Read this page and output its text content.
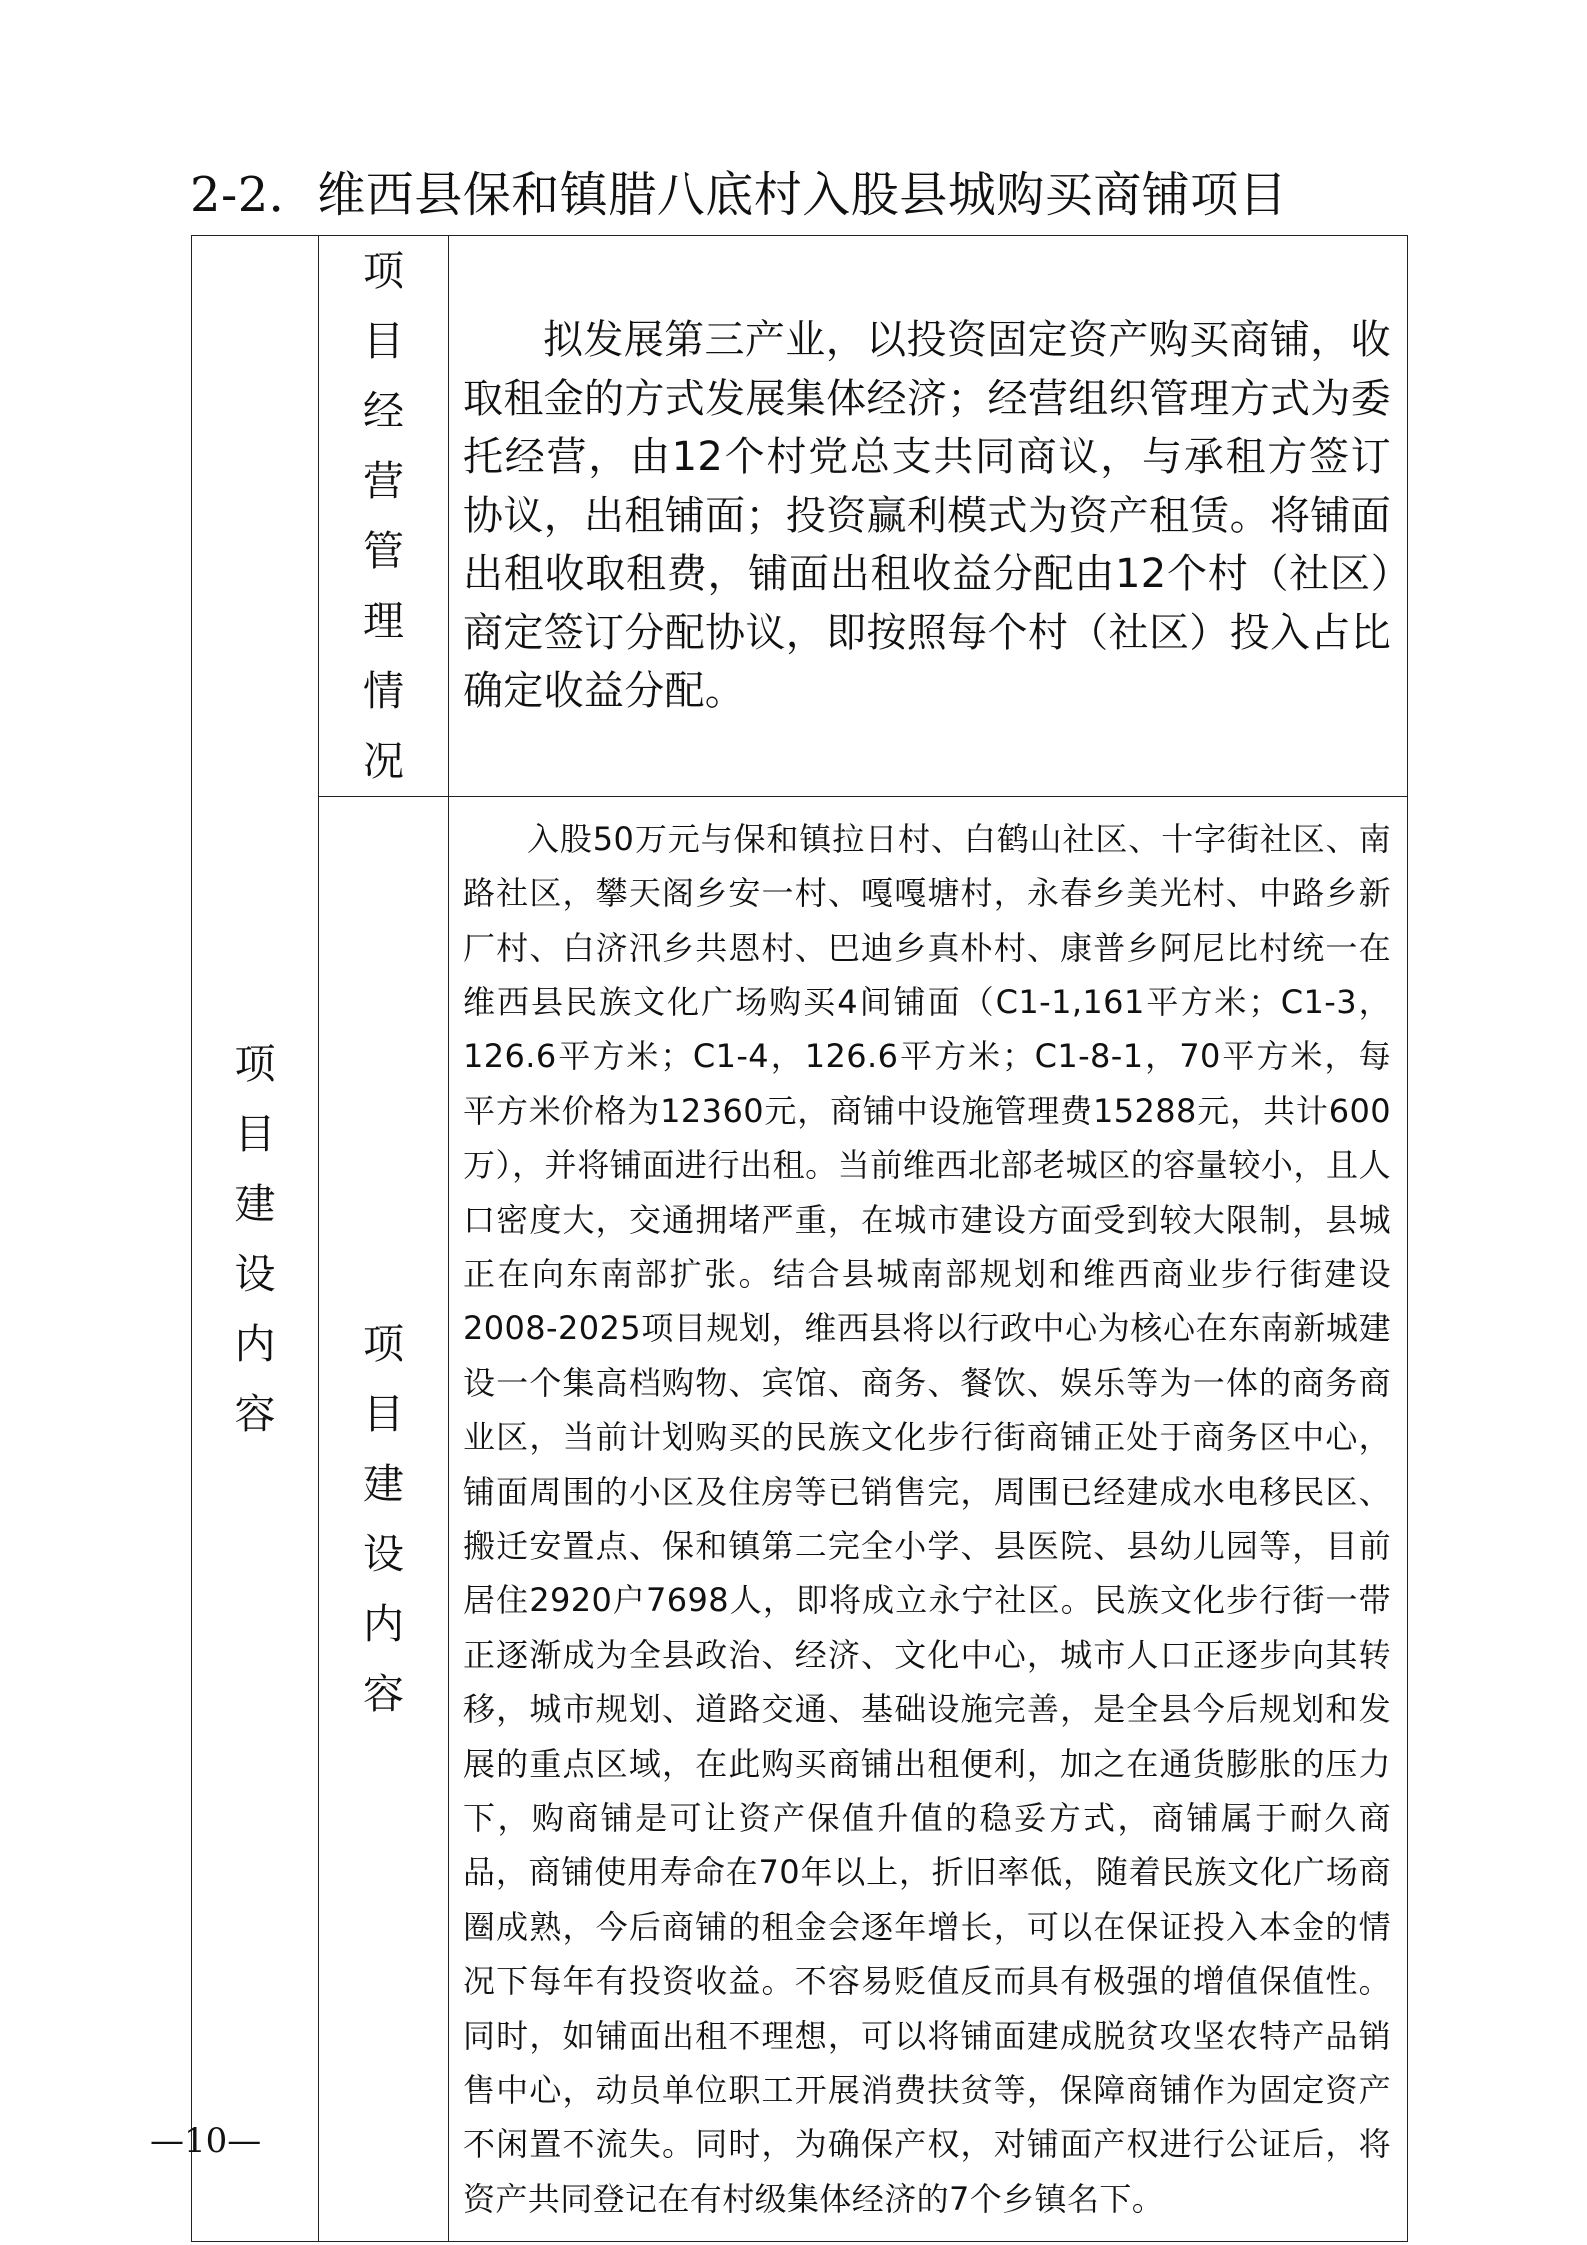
2-2．维西县保和镇腊八底村入股县城购买商铺项目
项目建设内容	项目经营管理情况	拟发展第三产业，以投资固定资产购买商铺，收取租金的方式发展集体经济；经营组织管理方式为委托经营，由12个村党总支共同商议，与承租方签订协议，出租铺面；投资赢利模式为资产租赁。将铺面出租收取租费，铺面出租收益分配由12个村（社区）商定签订分配协议，即按照每个村（社区）投入占比确定收益分配。

	项目建设内容	入股50万元与保和镇拉日村、白鹤山社区、十字街社区、南路社区，攀天阁乡安一村、嘎嘎塘村，永春乡美光村、中路乡新厂村、白济汛乡共恩村、巴迪乡真朴村、康普乡阿尼比村统一在维西县民族文化广场购买4间铺面（C1-1,161平方米；C1-3，126.6平方米；C1-4，126.6平方米；C1-8-1，70平方米，每平方米价格为12360元，商铺中设施管理费15288元，共计600万），并将铺面进行出租。当前维西北部老城区的容量较小，且人口密度大，交通拥堵严重，在城市建设方面受到较大限制，县城正在向东南部扩张。结合县城南部规划和维西商业步行街建设2008-2025项目规划，维西县将以行政中心为核心在东南新城建设一个集高档购物、宾馆、商务、餐饮、娱乐等为一体的商务商业区，当前计划购买的民族文化步行街商铺正处于商务区中心，铺面周围的小区及住房等已销售完，周围已经建成水电移民区、搬迁安置点、保和镇第二完全小学、县医院、县幼儿园等，目前居住2920户7698人，即将成立永宁社区。民族文化步行街一带正逐渐成为全县政治、经济、文化中心，城市人口正逐步向其转移，城市规划、道路交通、基础设施完善，是全县今后规划和发展的重点区域，在此购买商铺出租便利，加之在通货膨胀的压力下，购商铺是可让资产保值升值的稳妥方式，商铺属于耐久商品，商铺使用寿命在70年以上，折旧率低，随着民族文化广场商圈成熟，今后商铺的租金会逐年增长，可以在保证投入本金的情况下每年有投资收益。不容易贬值反而具有极强的增值保值性。同时，如铺面出租不理想，可以将铺面建成脱贫攻坚农特产品销售中心，动员单位职工开展消费扶贫等，保障商铺作为固定资产不闲置不流失。同时，为确保产权，对铺面产权进行公证后，将资产共同登记在有村级集体经济的7个乡镇名下。

—10—
